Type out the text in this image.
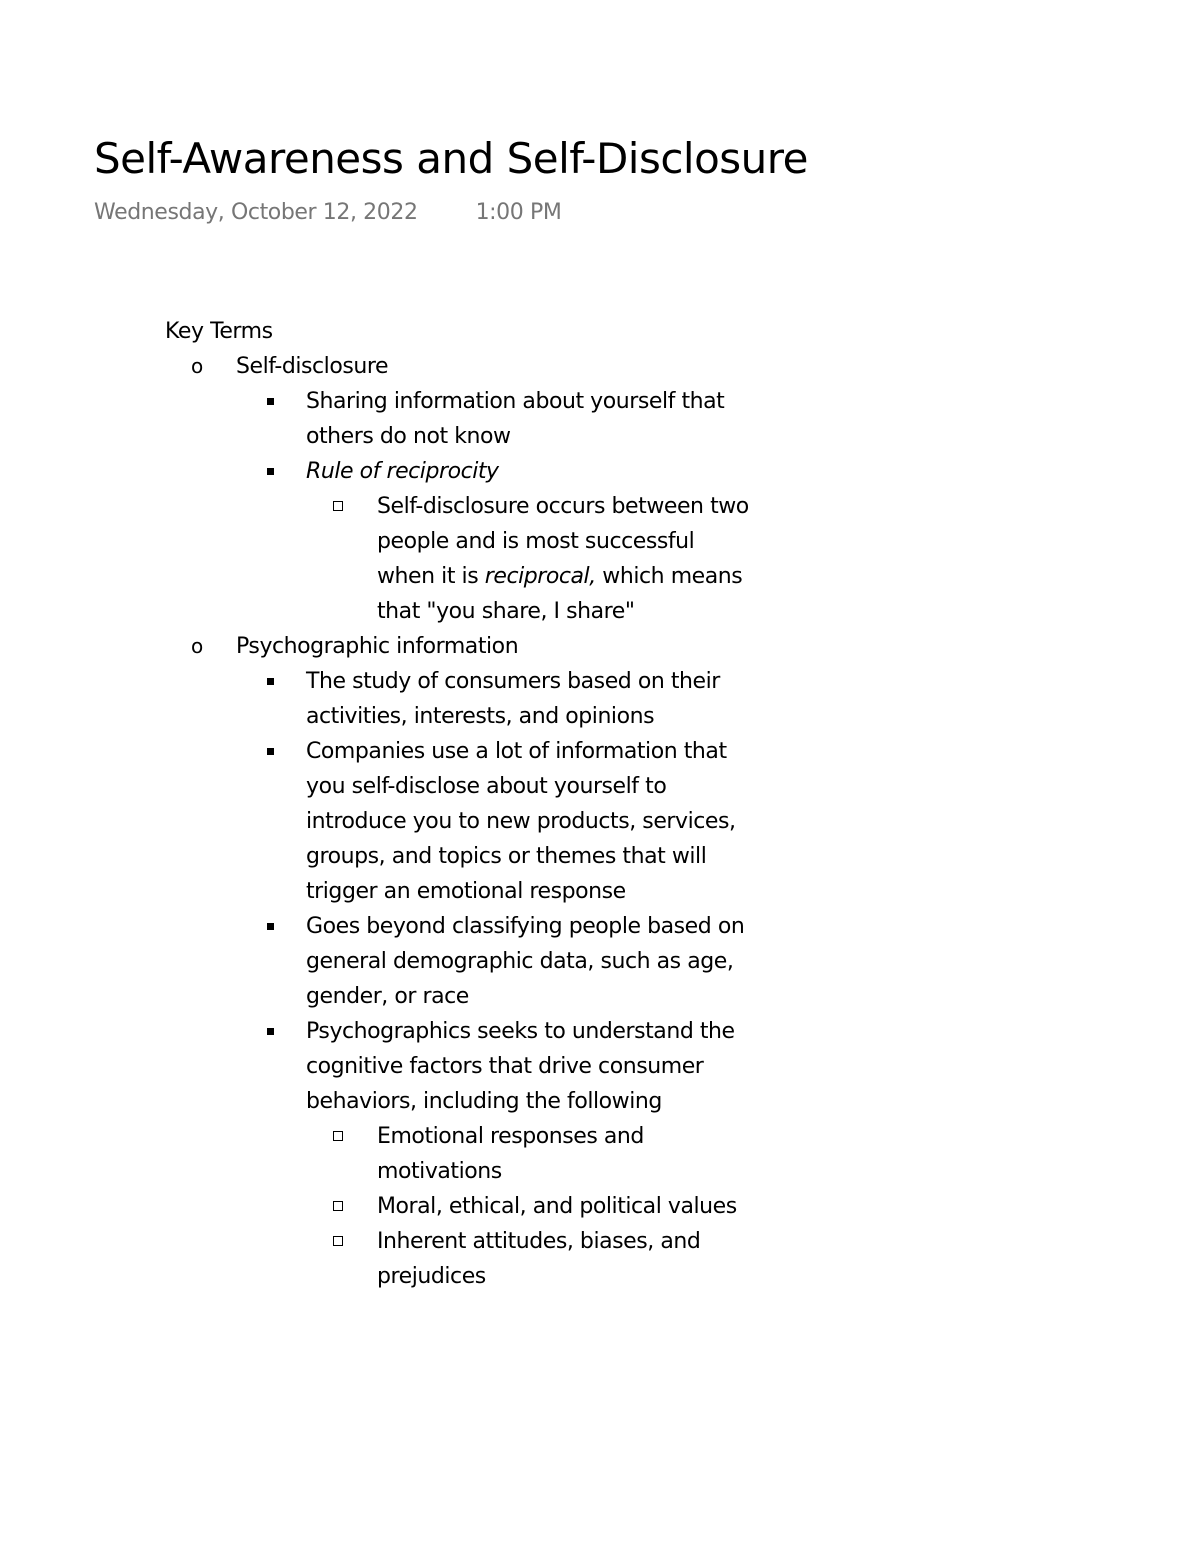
Self-Awareness and Self-Disclosure
Wednesday, October 12, 2022	1:00 PM
Key Terms
o Self-disclosure
Sharing information about yourself that others do not know
Rule of reciprocity
Self-disclosure occurs between two people and is most successful when it is reciprocal, which means that "you share, I share"
o Psychographic information
The study of consumers based on their activities, interests, and opinions
Companies use a lot of information that you self-disclose about yourself to introduce you to new products, services, groups, and topics or themes that will trigger an emotional response
Goes beyond classifying people based on general demographic data, such as age, gender, or race
Psychographics seeks to understand the cognitive factors that drive consumer behaviors, including the following
Emotional responses and motivations
Moral, ethical, and political values
Inherent attitudes, biases, and prejudices
